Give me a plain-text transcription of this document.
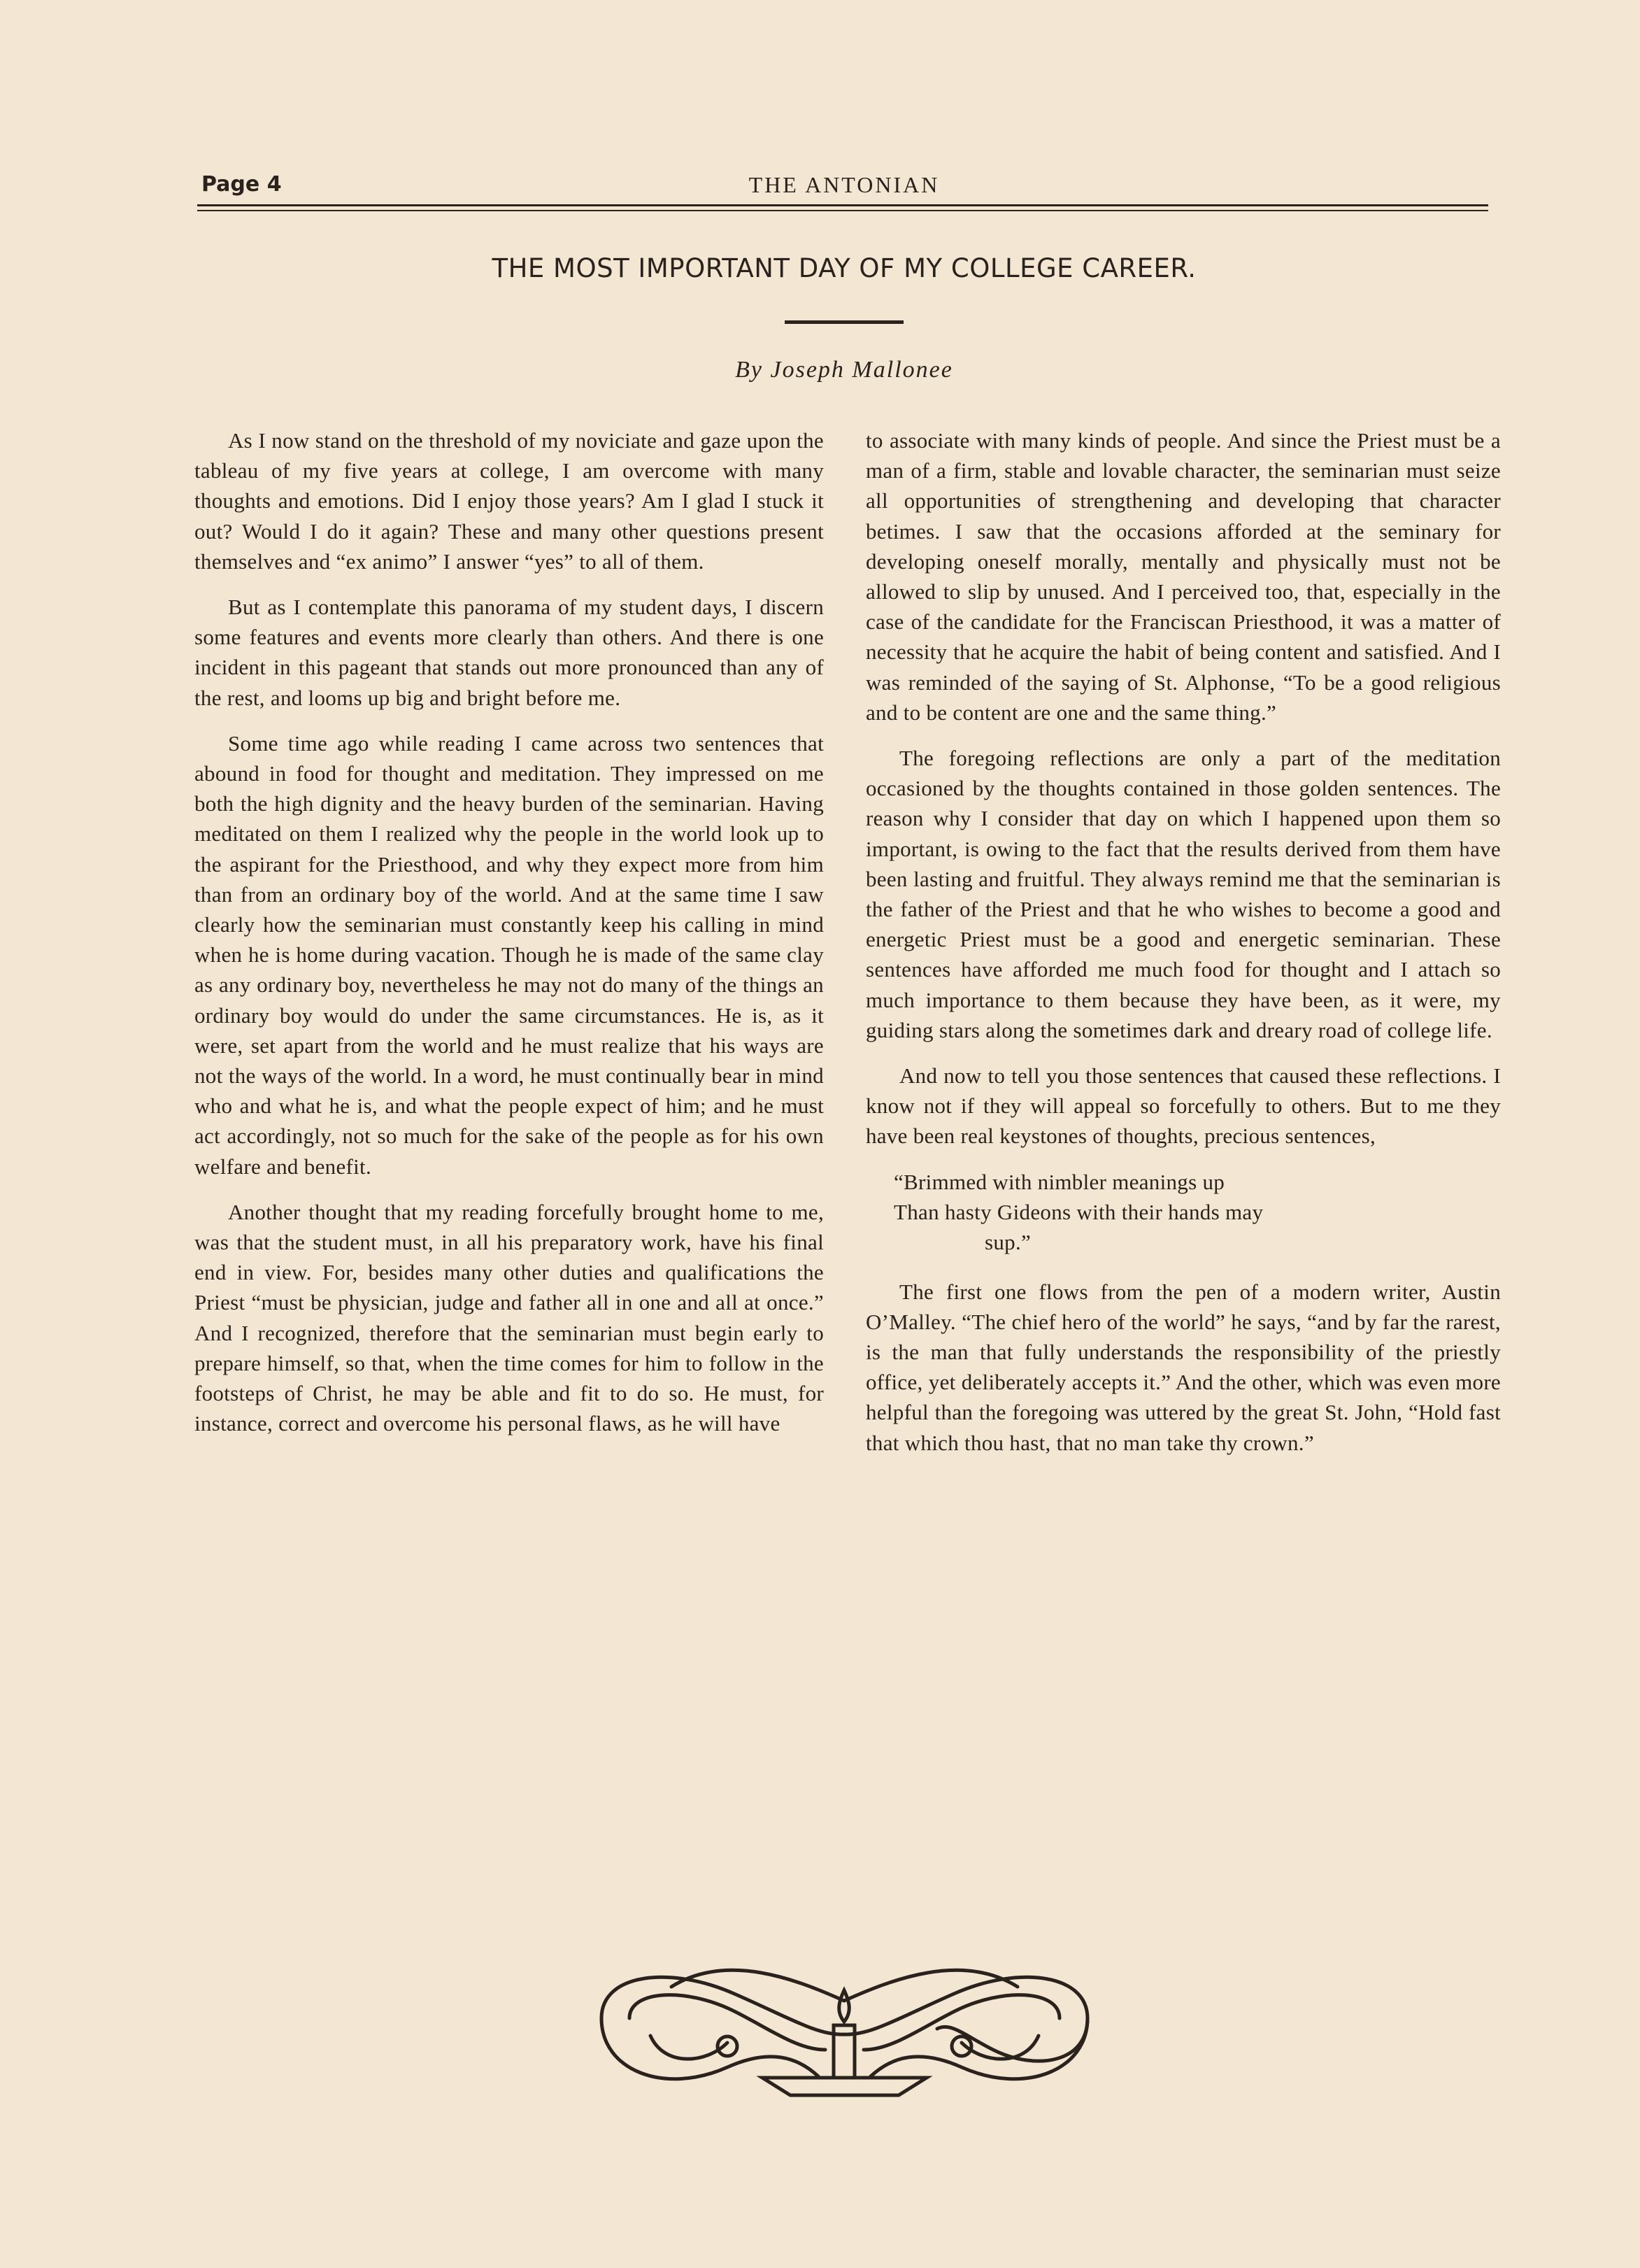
Page 4	THE ANTONIAN
THE MOST IMPORTANT DAY OF MY COLLEGE CAREER.
By Joseph Mallonee

As I now stand on the threshold of my noviciate and gaze upon the tableau of my five years at college, I am overcome with many thoughts and emotions. Did I enjoy those years? Am I glad I stuck it out? Would I do it again? These and many other questions present themselves and “ex animo” I answer “yes” to all of them.

But as I contemplate this panorama of my student days, I discern some features and events more clearly than others. And there is one incident in this pageant that stands out more pronounced than any of the rest, and looms up big and bright before me.

Some time ago while reading I came across two sentences that abound in food for thought and meditation. They impressed on me both the high dignity and the heavy burden of the seminarian. Having meditated on them I realized why the people in the world look up to the aspirant for the Priesthood, and why they expect more from him than from an ordinary boy of the world. And at the same time I saw clearly how the seminarian must constantly keep his calling in mind when he is home during vacation. Though he is made of the same clay as any ordinary boy, nevertheless he may not do many of the things an ordinary boy would do under the same circumstances. He is, as it were, set apart from the world and he must realize that his ways are not the ways of the world. In a word, he must continually bear in mind who and what he is, and what the people expect of him; and he must act accordingly, not so much for the sake of the people as for his own welfare and benefit.

Another thought that my reading forcefully brought home to me, was that the student must, in all his preparatory work, have his final end in view. For, besides many other duties and qualifications the Priest “must be physician, judge and father all in one and all at once.” And I recognized, therefore that the seminarian must begin early to prepare himself, so that, when the time comes for him to follow in the footsteps of Christ, he may be able and fit to do so. He must, for instance, correct and overcome his personal flaws, as he will have

to associate with many kinds of people. And since the Priest must be a man of a firm, stable and lovable character, the seminarian must seize all opportunities of strengthening and developing that character betimes. I saw that the occasions afforded at the seminary for developing oneself morally, mentally and physically must not be allowed to slip by unused. And I perceived too, that, especially in the case of the candidate for the Franciscan Priesthood, it was a matter of necessity that he acquire the habit of being content and satisfied. And I was reminded of the saying of St. Alphonse, “To be a good religious and to be content are one and the same thing.”

The foregoing reflections are only a part of the meditation occasioned by the thoughts contained in those golden sentences. The reason why I consider that day on which I happened upon them so important, is owing to the fact that the results derived from them have been lasting and fruitful. They always remind me that the seminarian is the father of the Priest and that he who wishes to become a good and energetic Priest must be a good and energetic seminarian. These sentences have afforded me much food for thought and I attach so much importance to them because they have been, as it were, my guiding stars along the sometimes dark and dreary road of college life.

And now to tell you those sentences that caused these reflections. I know not if they will appeal so forcefully to others. But to me they have been real keystones of thoughts, precious sentences,

“Brimmed with nimbler meanings up
Than hasty Gideons with their hands may
sup.”

The first one flows from the pen of a modern writer, Austin O’Malley. “The chief hero of the world” he says, “and by far the rarest, is the man that fully understands the responsibility of the priestly office, yet deliberately accepts it.” And the other, which was even more helpful than the foregoing was uttered by the great St. John, “Hold fast that which thou hast, that no man take thy crown.”
